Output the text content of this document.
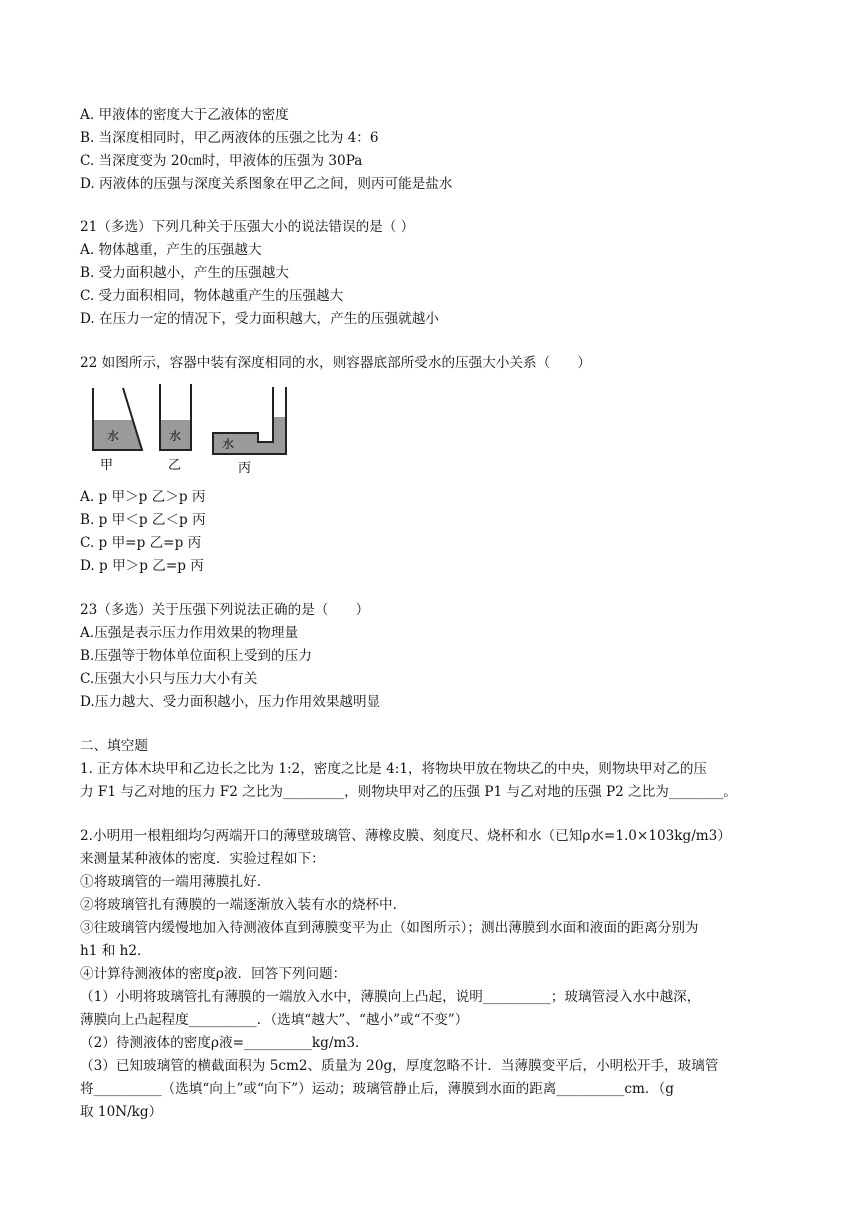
A. 甲液体的密度大于乙液体的密度
B. 当深度相同时，甲乙两液体的压强之比为 4：6
C. 当深度变为 20㎝时，甲液体的压强为 30Pa
D. 丙液体的压强与深度关系图象在甲乙之间，则丙可能是盐水
21（多选）下列几种关于压强大小的说法错误的是（ ）
A. 物体越重，产生的压强越大
B. 受力面积越小，产生的压强越大
C. 受力面积相同，物体越重产生的压强越大
D. 在压力一定的情况下，受力面积越大，产生的压强就越小
22 如图所示，容器中装有深度相同的水，则容器底部所受水的压强大小关系（　　）
水
甲
水
乙
水
丙
A. p 甲＞p 乙＞p 丙
B. p 甲＜p 乙＜p 丙
C. p 甲=p 乙=p 丙
D. p 甲＞p 乙=p 丙
23（多选）关于压强下列说法正确的是（　　）
A.压强是表示压力作用效果的物理量
B.压强等于物体单位面积上受到的压力
C.压强大小只与压力大小有关
D.压力越大、受力面积越小，压力作用效果越明显
二、填空题
1. 正方体木块甲和乙边长之比为 1:2，密度之比是 4:1，将物块甲放在物块乙的中央，则物块甲对乙的压
力 F1 与乙对地的压力 F2 之比为_________，则物块甲对乙的压强 P1 与乙对地的压强 P2 之比为________。
2.小明用一根粗细均匀两端开口的薄壁玻璃管、薄橡皮膜、刻度尺、烧杯和水（已知ρ水=1.0×103kg/m3）
来测量某种液体的密度．实验过程如下：
①将玻璃管的一端用薄膜扎好．
②将玻璃管扎有薄膜的一端逐渐放入装有水的烧杯中．
③往玻璃管内缓慢地加入待测液体直到薄膜变平为止（如图所示）；测出薄膜到水面和液面的距离分别为
h1 和 h2．
④计算待测液体的密度ρ液．回答下列问题：
（1）小明将玻璃管扎有薄膜的一端放入水中，薄膜向上凸起，说明__________；玻璃管浸入水中越深，
薄膜向上凸起程度__________．（选填“越大”、“越小”或“不变”）
（2）待测液体的密度ρ液=__________kg/m3．
（3）已知玻璃管的横截面积为 5cm2、质量为 20g，厚度忽略不计．当薄膜变平后，小明松开手，玻璃管
将__________（选填“向上”或“向下”）运动；玻璃管静止后，薄膜到水面的距离__________cm．（g
取 10N/kg）
